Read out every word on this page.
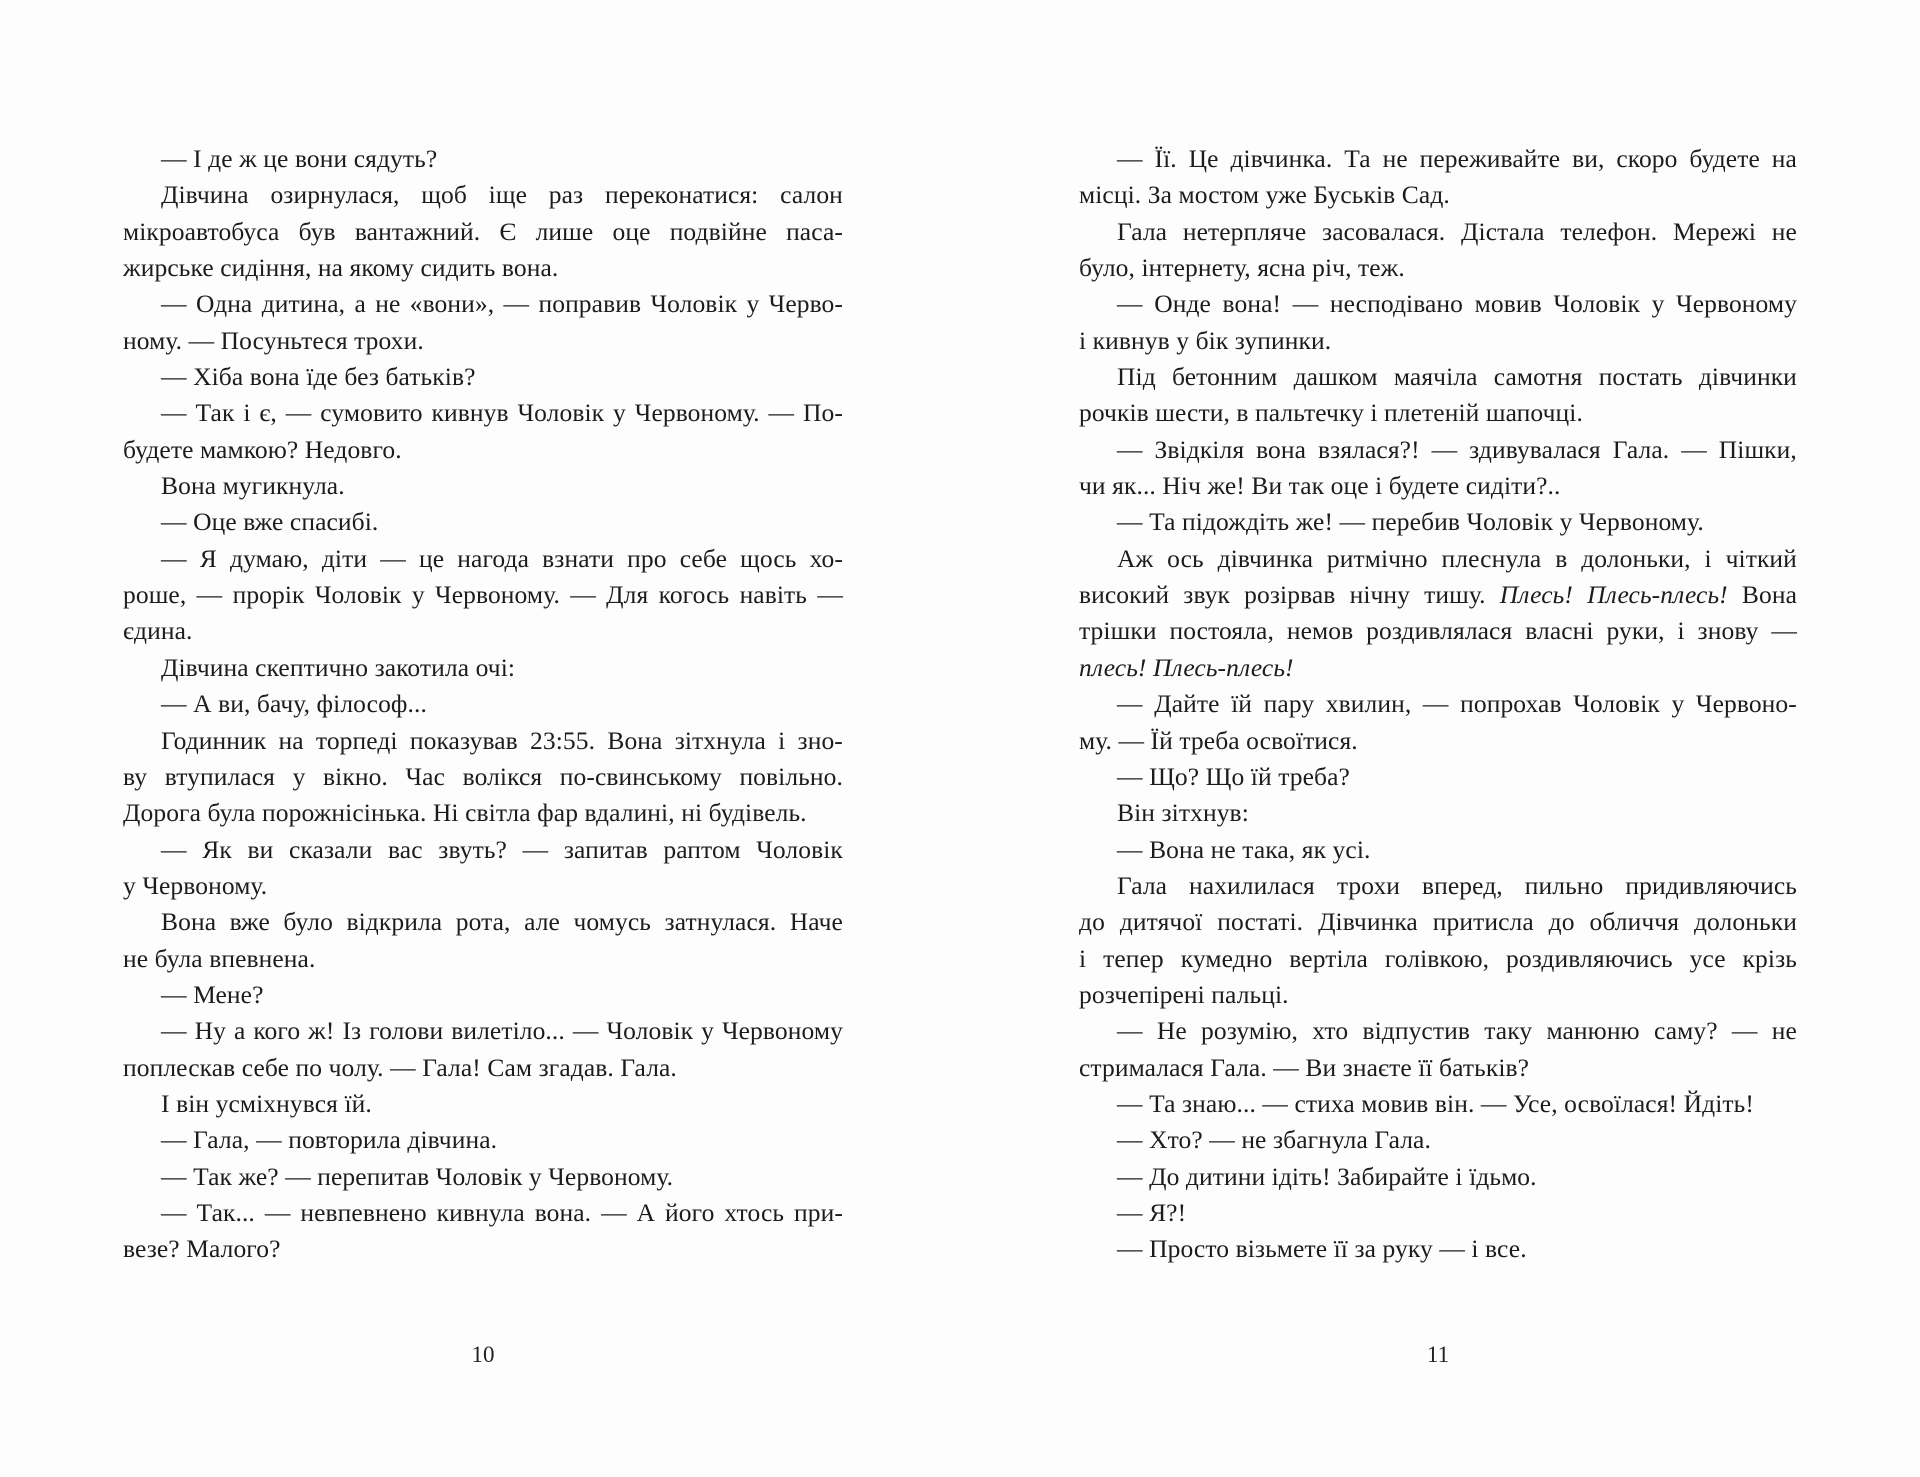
— І де ж це вони сядуть?
Дівчина озирнулася, щоб іще раз переконатися: салон
мікроавтобуса був вантажний. Є лише оце подвійне паса-
жирське сидіння, на якому сидить вона.
— Одна дитина, а не «вони», — поправив Чоловік у Черво-
ному. — Посуньтеся трохи.
— Хіба вона їде без батьків?
— Так і є, — сумовито кивнув Чоловік у Червоному. — По-
будете мамкою? Недовго.
Вона мугикнула.
— Оце вже спасибі.
— Я думаю, діти — це нагода взнати про себе щось хо-
роше, — прорік Чоловік у Червоному. — Для когось навіть —
єдина.
Дівчина скептично закотила очі:
— А ви, бачу, філософ...
Годинник на торпеді показував 23:55. Вона зітхнула і зно-
ву втупилася у вікно. Час волікся по-свинському повільно.
Дорога була порожнісінька. Ні світла фар вдалині, ні будівель.
— Як ви сказали вас звуть? — запитав раптом Чоловік
у Червоному.
Вона вже було відкрила рота, але чомусь затнулася. Наче
не була впевнена.
— Мене?
— Ну а кого ж! Із голови вилетіло... — Чоловік у Червоному
поплескав себе по чолу. — Гала! Сам згадав. Гала.
І він усміхнувся їй.
— Гала, — повторила дівчина.
— Так же? — перепитав Чоловік у Червоному.
— Так... — невпевнено кивнула вона. — А його хтось при-
везе? Малого?
— Її. Це дівчинка. Та не переживайте ви, скоро будете на
місці. За мостом уже Буськів Сад.
Гала нетерпляче засовалася. Дістала телефон. Мережі не
було, інтернету, ясна річ, теж.
— Онде вона! — несподівано мовив Чоловік у Червоному
і кивнув у бік зупинки.
Під бетонним дашком маячіла самотня постать дівчинки
рочків шести, в пальтечку і плетеній шапочці.
— Звідкіля вона взялася?! — здивувалася Гала. — Пішки,
чи як... Ніч же! Ви так оце і будете сидіти?..
— Та підождіть же! — перебив Чоловік у Червоному.
Аж ось дівчинка ритмічно плеснула в долоньки, і чіткий
високий звук розірвав нічну тишу. Плесь! Плесь-плесь! Вона
трішки постояла, немов роздивлялася власні руки, і знову —
плесь! Плесь-плесь!
— Дайте їй пару хвилин, — попрохав Чоловік у Червоно-
му. — Їй треба освоїтися.
— Що? Що їй треба?
Він зітхнув:
— Вона не така, як усі.
Гала нахилилася трохи вперед, пильно придивляючись
до дитячої постаті. Дівчинка притисла до обличчя долоньки
і тепер кумедно вертіла голівкою, роздивляючись усе крізь
розчепірені пальці.
— Не розумію, хто відпустив таку манюню саму? — не
стрималася Гала. — Ви знаєте її батьків?
— Та знаю... — стиха мовив він. — Усе, освоїлася! Йдіть!
— Хто? — не збагнула Гала.
— До дитини ідіть! Забирайте і їдьмо.
— Я?!
— Просто візьмете її за руку — і все.
10	11
